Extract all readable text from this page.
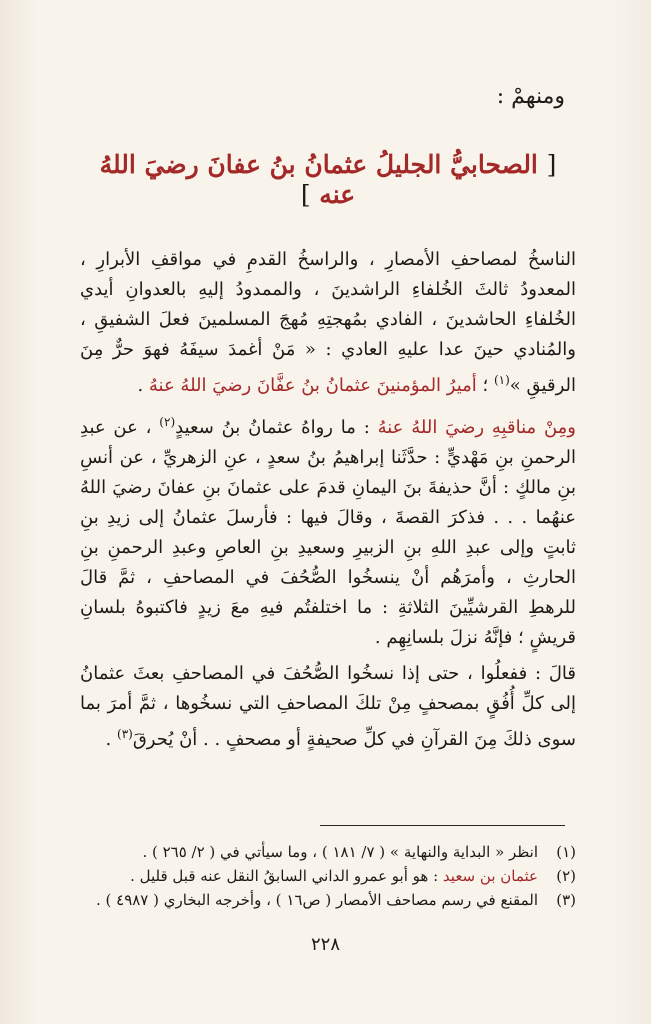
ومنهمْ :
[ الصحابيُّ الجليلُ عثمانُ بنُ عفانَ رضيَ اللهُ عنه ]

الناسخُ لمصاحفِ الأمصارِ ، والراسخُ القدمِ في مواقفِ الأبرارِ ، المعدودُ ثالثَ الخُلفاءِ الراشدينَ ، والممدودُ إليهِ بالعدوانِ أيدي الخُلفاءِ الحاشدينَ ، الفادي بمُهجتِهِ مُهجَ المسلمينَ فعلَ الشفيقِ ، والمُنادي حينَ عدا عليهِ العادي : « مَنْ أغمدَ سيفَهُ فهوَ حرٌّ مِنَ الرقيقِ »$^{(١)}$ ؛ أميرُ المؤمنينَ عثمانُ بنُ عفَّانَ رضيَ اللهُ عنهُ .

ومِنْ مناقبِهِ رضيَ اللهُ عنهُ : ما رواهُ عثمانُ بنُ سعيدٍ$^{(٢)}$ ، عن عبدِ الرحمنِ بنِ مَهْديٍّ : حدَّثَنا إبراهيمُ بنُ سعدٍ ، عنِ الزهريِّ ، عن أنسِ بنِ مالكٍ : أنَّ حذيفةَ بنَ اليمانِ قدمَ على عثمانَ بنِ عفانَ رضيَ اللهُ عنهُما . . . فذكرَ القصةَ ، وقالَ فيها : فأرسلَ عثمانُ إلى زيدِ بنِ ثابتٍ وإلى عبدِ اللهِ بنِ الزبيرِ وسعيدِ بنِ العاصِ وعبدِ الرحمنِ بنِ الحارثِ ، وأمرَهُم أنْ ينسخُوا الصُّحُفَ في المصاحفِ ، ثمَّ قالَ للرهطِ القرشيِّينَ الثلاثةِ : ما اختلفتُم فيهِ معَ زيدٍ فاكتبوهُ بلسانِ قريشٍ ؛ فإنَّهُ نزلَ بلسانِهِم .

قالَ : ففعلُوا ، حتى إذا نسخُوا الصُّحُفَ في المصاحفِ بعثَ عثمانُ إلى كلِّ أُفُقٍ بمصحفٍ مِنْ تلكَ المصاحفِ التي نسخُوها ، ثمَّ أمرَ بما سوى ذلكَ مِنَ القرآنِ في كلِّ صحيفةٍ أو مصحفٍ . . أنْ يُحرقَ$^{(٣)}$ .

(١)انظر « البداية والنهاية » ( ٧/ ١٨١ ) ، وما سيأتي في ( ٢/ ٢٦٥ ) .

(٢)عثمان بن سعيد : هو أبو عمرو الداني السابقُ النقل عنه قبل قليل .

(٣)المقنع في رسم مصاحف الأمصار ( ص١٦ ) ، وأخرجه البخاري ( ٤٩٨٧ ) .

٢٢٨
